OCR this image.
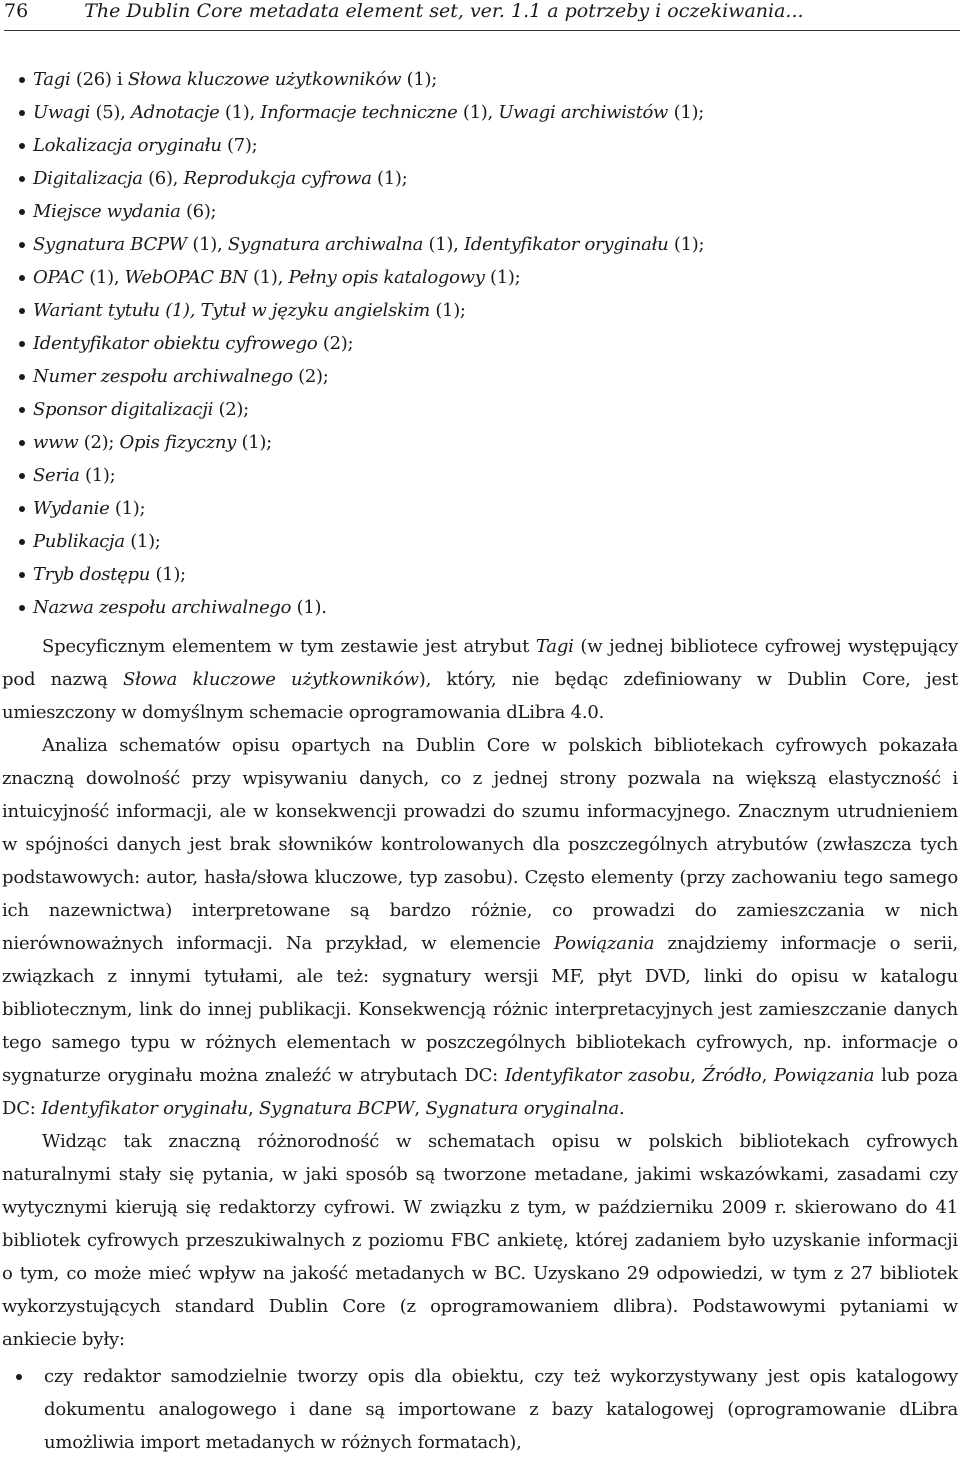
76	The Dublin Core metadata element set, ver. 1.1 a potrzeby i oczekiwania...
Tagi (26) i Słowa kluczowe użytkowników (1);
Uwagi (5), Adnotacje (1), Informacje techniczne (1), Uwagi archiwistów (1);
Lokalizacja oryginału (7);
Digitalizacja (6), Reprodukcja cyfrowa (1);
Miejsce wydania (6);
Sygnatura BCPW (1), Sygnatura archiwalna (1), Identyfikator oryginału (1);
OPAC (1), WebOPAC BN (1), Pełny opis katalogowy (1);
Wariant tytułu (1), Tytuł w języku angielskim (1);
Identyfikator obiektu cyfrowego (2);
Numer zespołu archiwalnego (2);
Sponsor digitalizacji (2);
www (2); Opis fizyczny (1);
Seria (1);
Wydanie (1);
Publikacja (1);
Tryb dostępu (1);
Nazwa zespołu archiwalnego (1).

Specyficznym elementem w tym zestawie jest atrybut Tagi (w jednej bibliotece cyfrowej występujący pod nazwą Słowa kluczowe użytkowników), który, nie będąc zdefiniowany w Dublin Core, jest umieszczony w domyślnym schemacie oprogramowania dLibra 4.0.

Analiza schematów opisu opartych na Dublin Core w polskich bibliotekach cyfrowych pokazała znaczną dowolność przy wpisywaniu danych, co z jednej strony pozwala na większą elastyczność i intuicyjność informacji, ale w konsekwencji prowadzi do szumu informacyjnego. Znacznym utrudnieniem w spójności danych jest brak słowników kontrolowanych dla poszczególnych atrybutów (zwłaszcza tych podstawowych: autor, hasła/słowa kluczowe, typ zasobu). Często elementy (przy zachowaniu tego samego ich nazewnictwa) interpretowane są bardzo różnie, co prowadzi do zamieszczania w nich nierównoważnych informacji. Na przykład, w elemencie Powiązania znajdziemy informacje o serii, związkach z innymi tytułami, ale też: sygnatury wersji MF, płyt DVD, linki do opisu w katalogu bibliotecznym, link do innej publikacji. Konsekwencją różnic interpretacyjnych jest zamieszczanie danych tego samego typu w różnych elementach w poszczególnych bibliotekach cyfrowych, np. informacje o sygnaturze oryginału można znaleźć w atrybutach DC: Identyfikator zasobu, Źródło, Powiązania lub poza DC: Identyfikator oryginału, Sygnatura BCPW, Sygnatura oryginalna.

Widząc tak znaczną różnorodność w schematach opisu w polskich bibliotekach cyfrowych naturalnymi stały się pytania, w jaki sposób są tworzone metadane, jakimi wskazówkami, zasadami czy wytycznymi kierują się redaktorzy cyfrowi. W związku z tym, w październiku 2009 r. skierowano do 41 bibliotek cyfrowych przeszukiwalnych z poziomu FBC ankietę, której zadaniem było uzyskanie informacji o tym, co może mieć wpływ na jakość metadanych w BC. Uzyskano 29 odpowiedzi, w tym z 27 bibliotek wykorzystujących standard Dublin Core (z oprogramowaniem dlibra). Podstawowymi pytaniami w ankiecie były:

czy redaktor samodzielnie tworzy opis dla obiektu, czy też wykorzystywany jest opis katalogowy dokumentu analogowego i dane są importowane z bazy katalogowej (oprogramowanie dLibra umożliwia import metadanych w różnych formatach),
